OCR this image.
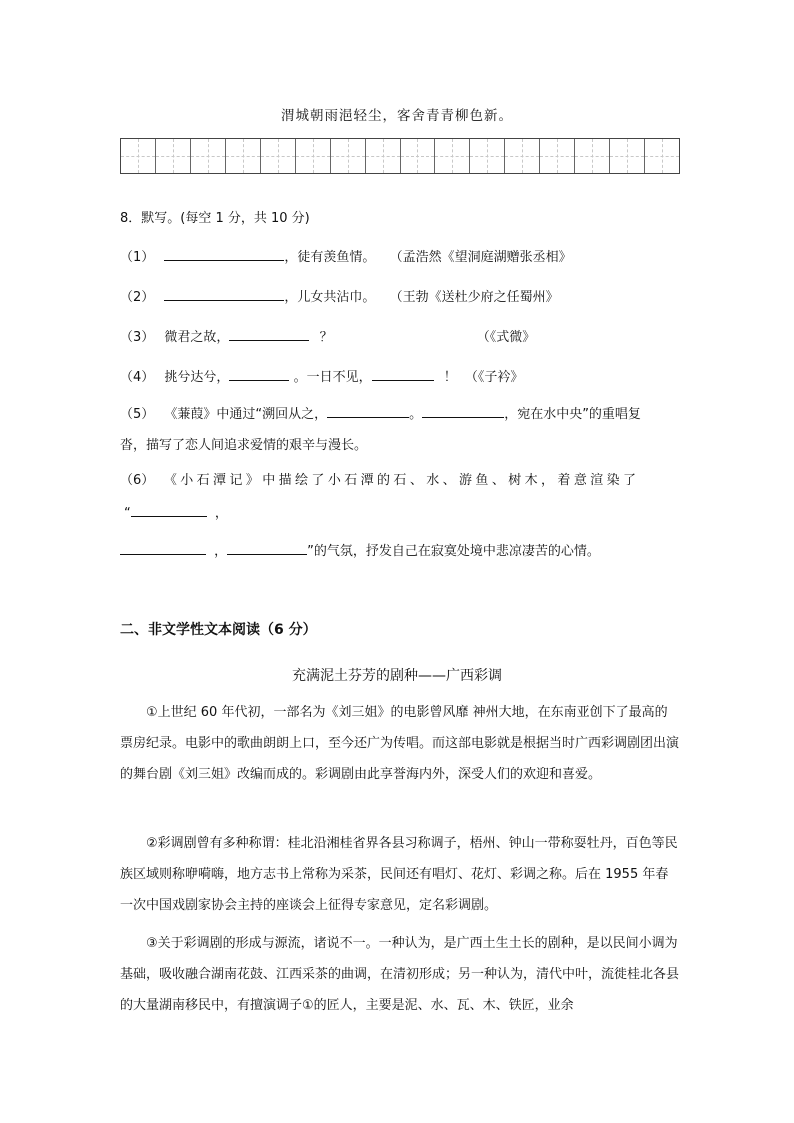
渭城朝雨浥轻尘，客舍青青柳色新。
8．默写。(每空 1 分，共 10 分)
（1）	，徒有羡鱼情。 （孟浩然《望洞庭湖赠张丞相》
（2）	，儿女共沾巾。 （王勃《送杜少府之任蜀州》
（3） 微君之故，	？	（《式微》
（4） 挑兮达兮，	。一日不见，	！ （《子衿》
（5） 《蒹葭》中通过“溯回从之，	。	，宛在水中央”的重唱复
沓，描写了恋人间追求爱情的艰辛与漫长。
（6） 《小石潭记》中描绘了小石潭的石、水、游鱼、树木，着意渲染了
“	，
，	”的气氛，抒发自己在寂寞处境中悲凉凄苦的心情。
二、非文学性文本阅读（6 分）
充满泥土芬芳的剧种——广西彩调
①上世纪 60 年代初，一部名为《刘三姐》的电影曾风靡 神州大地，在东南亚创下了最高的票房纪录。电影中的歌曲朗朗上口，至今还广为传唱。而这部电影就是根据当时广西彩调剧团出演的舞台剧《刘三姐》改编而成的。彩调剧由此享誉海内外，深受人们的欢迎和喜爱。
②彩调剧曾有多种称谓：桂北沿湘桂省界各县习称调子，梧州、钟山一带称耍牡丹，百色等民族区域则称咿嗬嗨，地方志书上常称为采茶，民间还有唱灯、花灯、彩调之称。后在 1955 年春一次中国戏剧家协会主持的座谈会上征得专家意见，定名彩调剧。
③关于彩调剧的形成与源流，诸说不一。一种认为，是广西土生土长的剧种，是以民间小调为基础，吸收融合湖南花鼓、江西采茶的曲调，在清初形成；另一种认为，清代中叶，流徙桂北各县的大量湖南移民中，有擅演调子①的匠人，主要是泥、水、瓦、木、铁匠，业余
